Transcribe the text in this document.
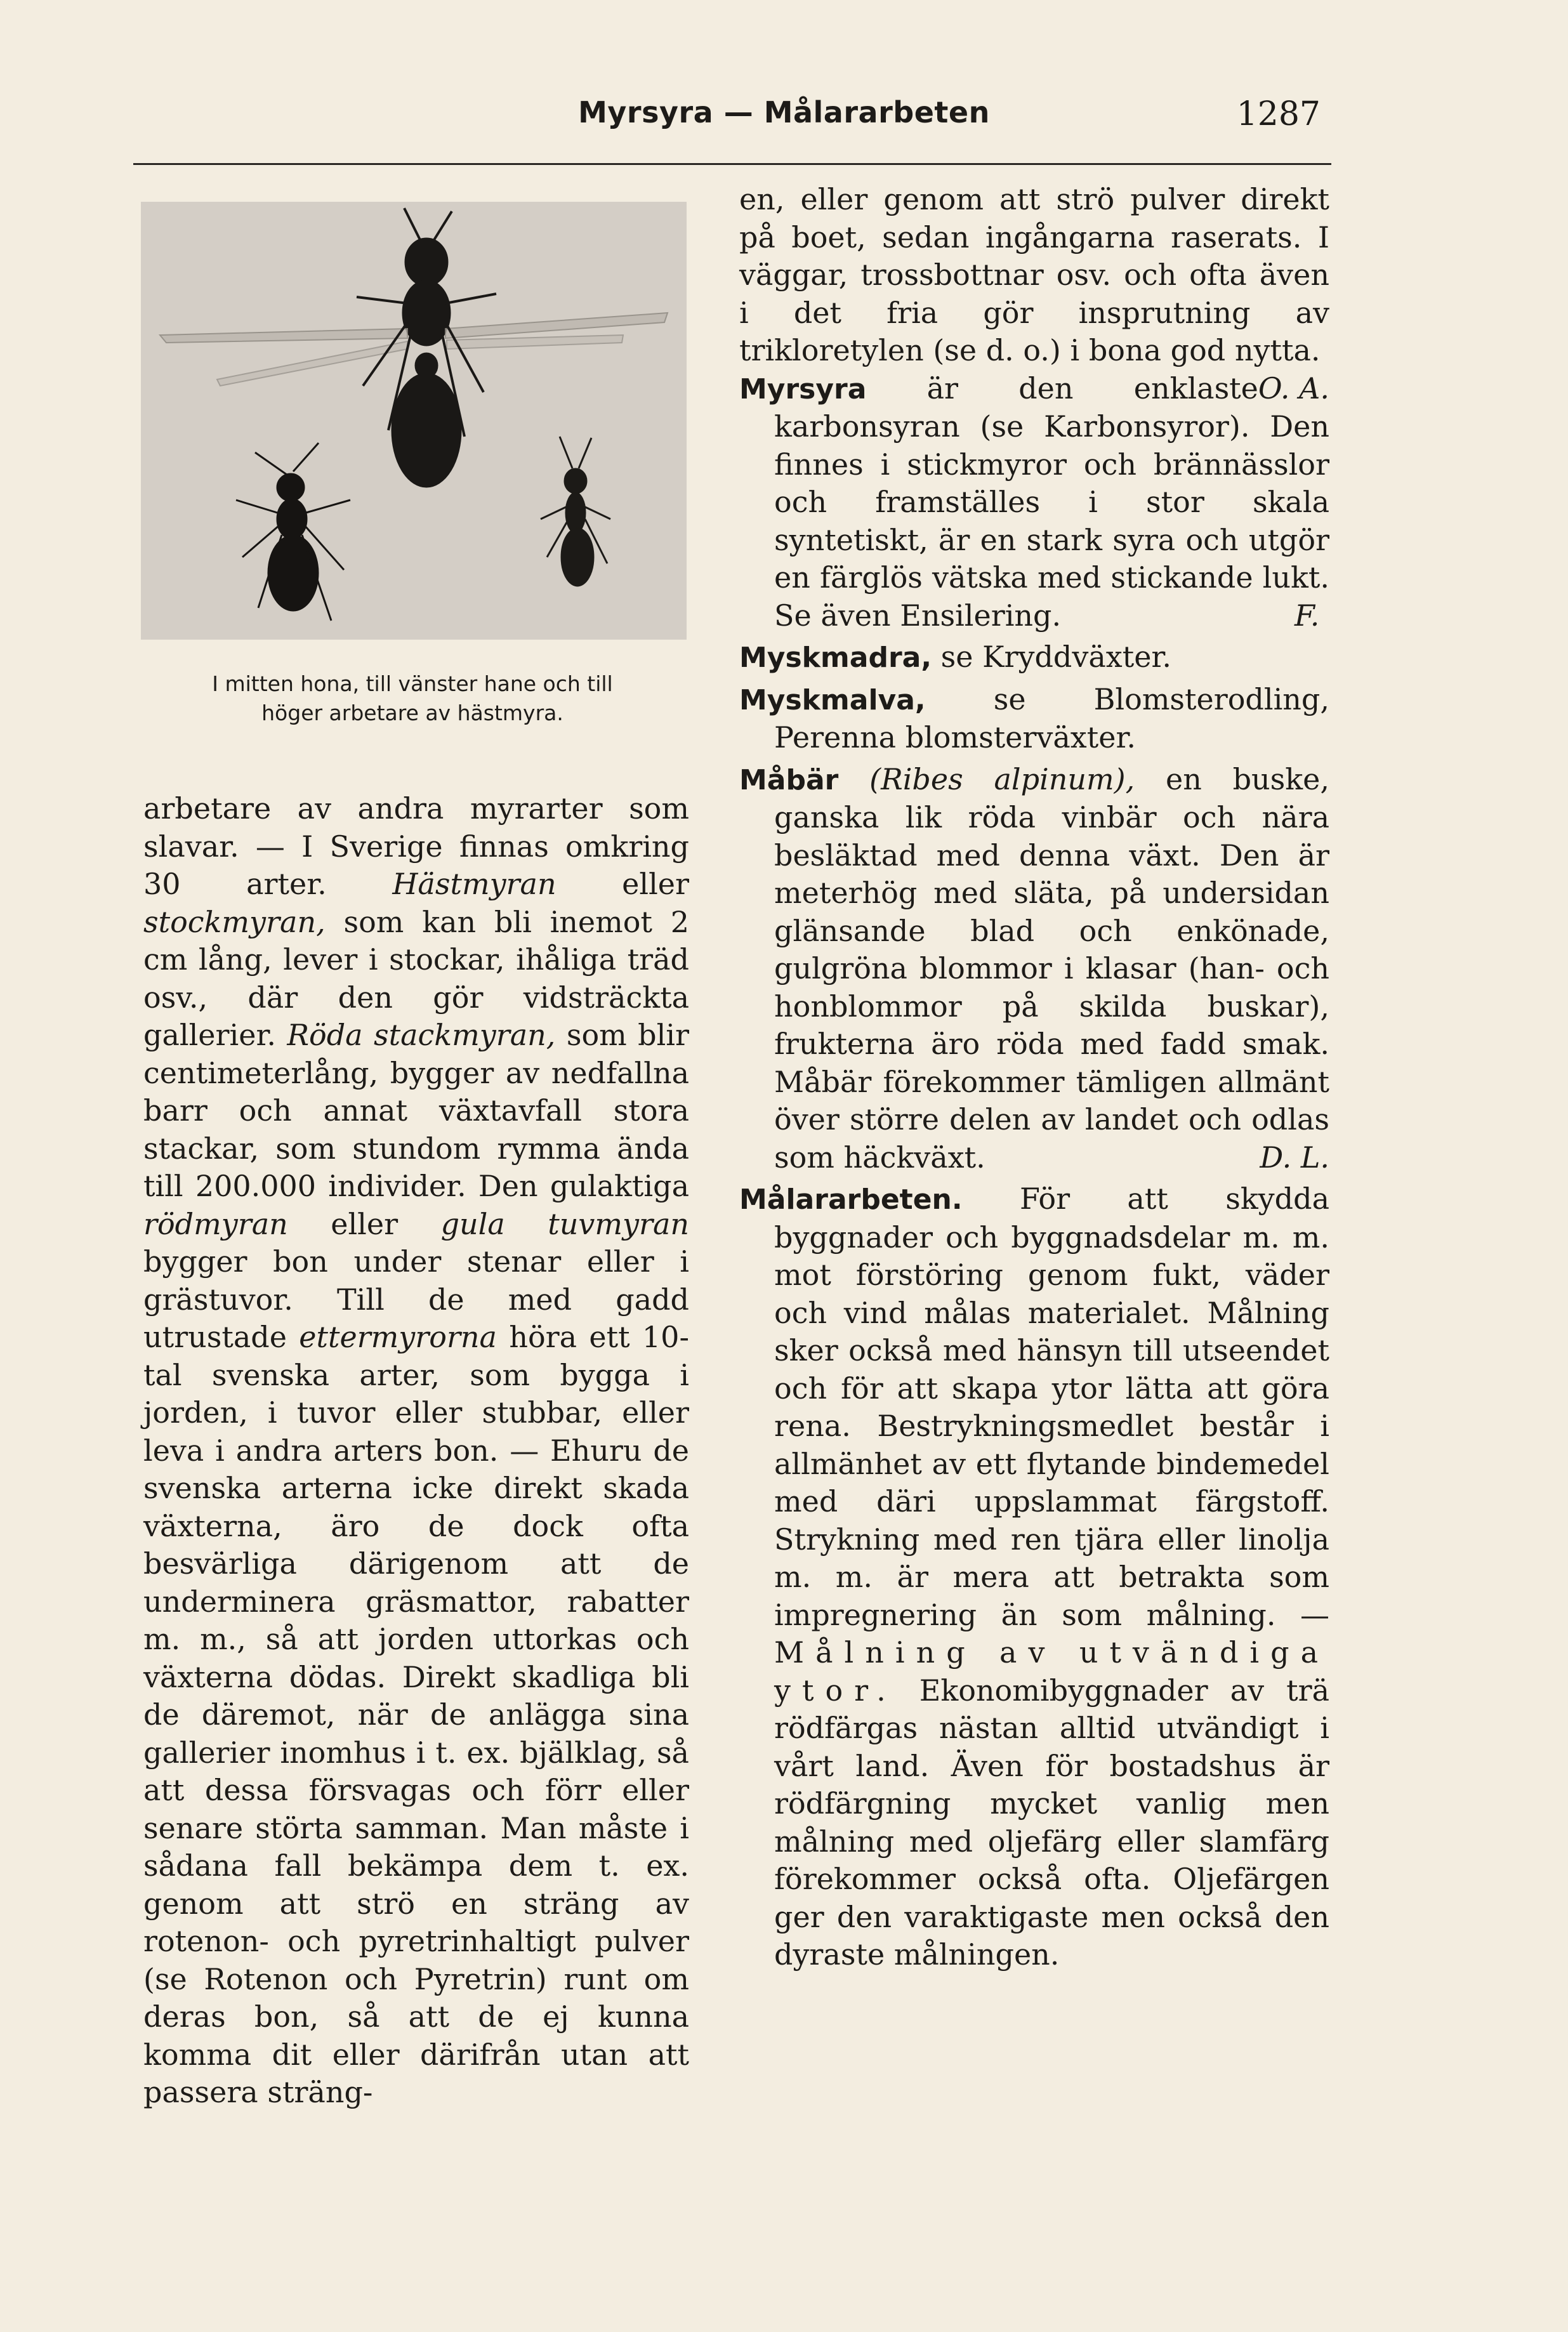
Myrsyra — Målararbeten	1287
I mitten hona, till vänster hane och till
höger arbetare av hästmyra.

arbetare av andra myrarter som slavar. — I Sverige finnas omkring 30 arter. Hästmyran eller stockmyran, som kan bli inemot 2 cm lång, lever i stockar, ihåliga träd osv., där den gör vidsträckta gallerier. Röda stackmyran, som blir centimeterlång, bygger av nedfallna barr och annat växtavfall stora stackar, som stundom rymma ända till 200.000 individer. Den gulaktiga rödmyran eller gula tuvmyran bygger bon under stenar eller i grästuvor. Till de med gadd utrustade ettermyrorna höra ett 10-tal svenska arter, som bygga i jorden, i tuvor eller stubbar, eller leva i andra arters bon. — Ehuru de svenska arterna icke direkt skada växterna, äro de dock ofta besvärliga därigenom att de underminera gräsmattor, rabatter m. m., så att jorden uttorkas och växterna dödas. Direkt skadliga bli de däremot, när de anlägga sina gallerier inomhus i t. ex. bjälklag, så att dessa försvagas och förr eller senare störta samman. Man måste i sådana fall bekämpa dem t. ex. genom att strö en sträng av rotenon- och pyretrinhaltigt pulver (se Rotenon och Pyretrin) runt om deras bon, så att de ej kunna komma dit eller därifrån utan att passera sträng-

en, eller genom att strö pulver direkt på boet, sedan ingångarna raserats. I väggar, trossbottnar osv. och ofta även i det fria gör insprutning av trikloretylen (se d. o.) i bona god nytta.
O. A.

Myrsyra är den enklaste karbonsyran (se Karbonsyror). Den finnes i stickmyror och brännässlor och framställes i stor skala syntetiskt, är en stark syra och utgör en färglös vätska med stickande lukt. Se även Ensilering.	F.

Myskmadra, se Kryddväxter.

Myskmalva, se Blomsterodling, Perenna blomsterväxter.

Måbär (Ribes alpinum), en buske, ganska lik röda vinbär och nära besläktad med denna växt. Den är meterhög med släta, på undersidan glänsande blad och enkönade, gulgröna blommor i klasar (han- och honblommor på skilda buskar), frukterna äro röda med fadd smak. Måbär förekommer tämligen allmänt över större delen av landet och odlas som häckväxt.	D. L.

Målararbeten. För att skydda byggnader och byggnadsdelar m. m. mot förstöring genom fukt, väder och vind målas materialet. Målning sker också med hänsyn till utseendet och för att skapa ytor lätta att göra rena. Bestrykningsmedlet består i allmänhet av ett flytande bindemedel med däri uppslammat färgstoff. Strykning med ren tjära eller linolja m. m. är mera att betrakta som impregnering än som målning. — Målning av utvändiga ytor. Ekonomibyggnader av trä rödfärgas nästan alltid utvändigt i vårt land. Även för bostadshus är rödfärgning mycket vanlig men målning med oljefärg eller slamfärg förekommer också ofta. Oljefärgen ger den varaktigaste men också den dyraste målningen.
